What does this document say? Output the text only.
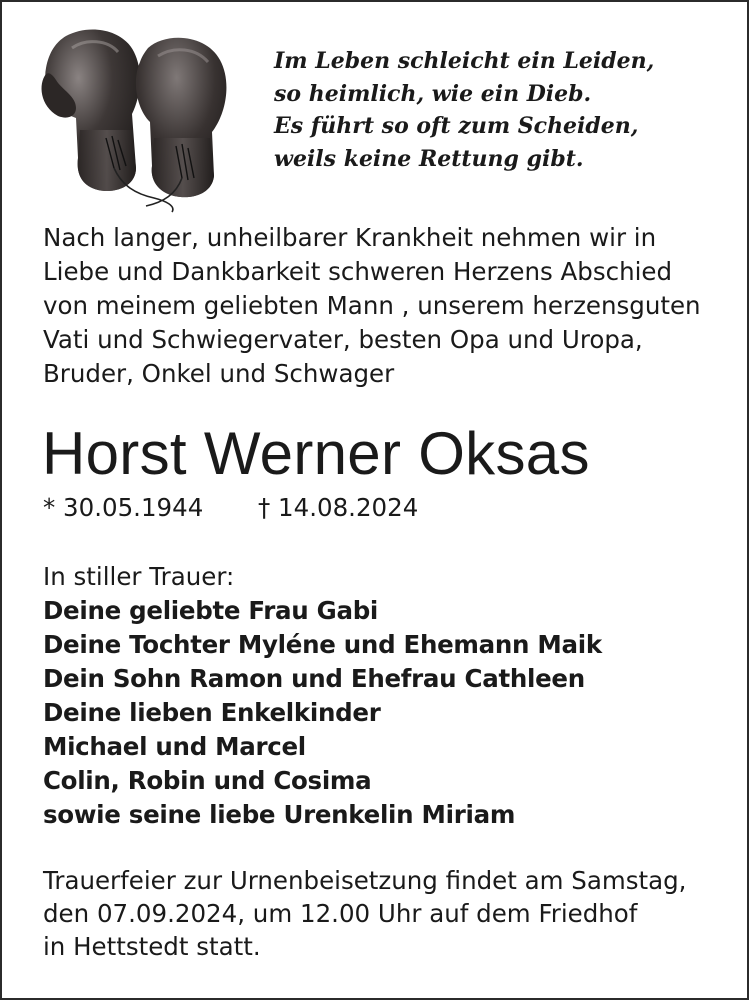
Im Leben schleicht ein Leiden,
so heimlich, wie ein Dieb.
Es führt so oft zum Scheiden,
weils keine Rettung gibt.
Nach langer, unheilbarer Krankheit nehmen wir in
Liebe und Dankbarkeit schweren Herzens Abschied
von meinem geliebten Mann , unserem herzensguten
Vati und Schwiegervater, besten Opa und Uropa,
Bruder, Onkel und Schwager
Horst Werner Oksas
* 30.05.1944 † 14.08.2024
In stiller Trauer:
Deine geliebte Frau Gabi
Deine Tochter Myléne und Ehemann Maik
Dein Sohn Ramon und Ehefrau Cathleen
Deine lieben Enkelkinder
Michael und Marcel
Colin, Robin und Cosima
sowie seine liebe Urenkelin Miriam
Trauerfeier zur Urnenbeisetzung findet am Samstag,
den 07.09.2024, um 12.00 Uhr auf dem Friedhof
in Hettstedt statt.
